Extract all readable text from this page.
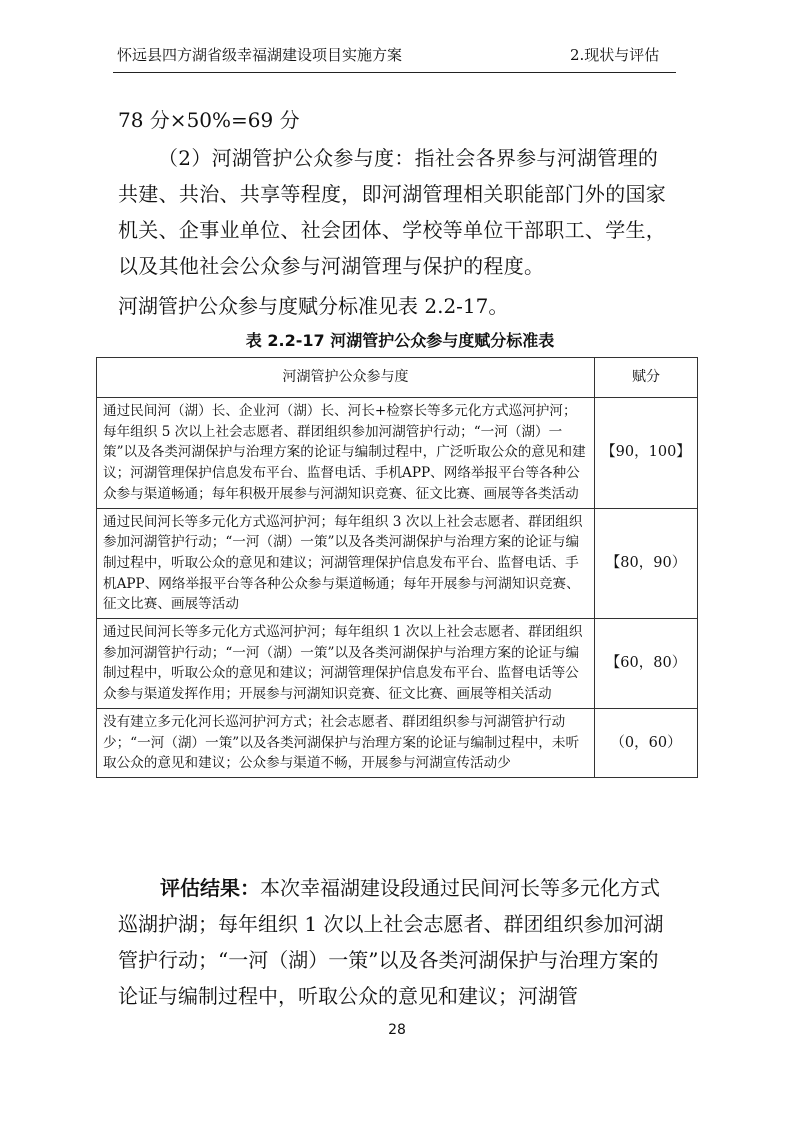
怀远县四方湖省级幸福湖建设项目实施方案	2.现状与评估
78 分×50%=69 分
（2）河湖管护公众参与度：指社会各界参与河湖管理的共建、共治、共享等程度，即河湖管理相关职能部门外的国家机关、企事业单位、社会团体、学校等单位干部职工、学生，以及其他社会公众参与河湖管理与保护的程度。
河湖管护公众参与度赋分标准见表 2.2-17。
表 2.2-17 河湖管护公众参与度赋分标准表
河湖管护公众参与度	赋分
通过民间河（湖）长、企业河（湖）长、河长+检察长等多元化方式巡河护河；每年组织 5 次以上社会志愿者、群团组织参加河湖管护行动；“一河（湖）一策”以及各类河湖保护与治理方案的论证与编制过程中，广泛听取公众的意见和建议；河湖管理保护信息发布平台、监督电话、手机APP、网络举报平台等各种公众参与渠道畅通；每年积极开展参与河湖知识竞赛、征文比赛、画展等各类活动	【90，100】
通过民间河长等多元化方式巡河护河；每年组织 3 次以上社会志愿者、群团组织参加河湖管护行动；“一河（湖）一策”以及各类河湖保护与治理方案的论证与编制过程中，听取公众的意见和建议；河湖管理保护信息发布平台、监督电话、手机APP、网络举报平台等各种公众参与渠道畅通；每年开展参与河湖知识竞赛、征文比赛、画展等活动	【80，90）
通过民间河长等多元化方式巡河护河；每年组织 1 次以上社会志愿者、群团组织参加河湖管护行动；“一河（湖）一策”以及各类河湖保护与治理方案的论证与编制过程中，听取公众的意见和建议；河湖管理保护信息发布平台、监督电话等公众参与渠道发挥作用；开展参与河湖知识竞赛、征文比赛、画展等相关活动	【60，80）
没有建立多元化河长巡河护河方式；社会志愿者、群团组织参与河湖管护行动少；“一河（湖）一策”以及各类河湖保护与治理方案的论证与编制过程中，未听取公众的意见和建议；公众参与渠道不畅，开展参与河湖宣传活动少	（0，60）
评估结果：本次幸福湖建设段通过民间河长等多元化方式巡湖护湖；每年组织 1 次以上社会志愿者、群团组织参加河湖管护行动；“一河（湖）一策”以及各类河湖保护与治理方案的论证与编制过程中，听取公众的意见和建议；河湖管
28
